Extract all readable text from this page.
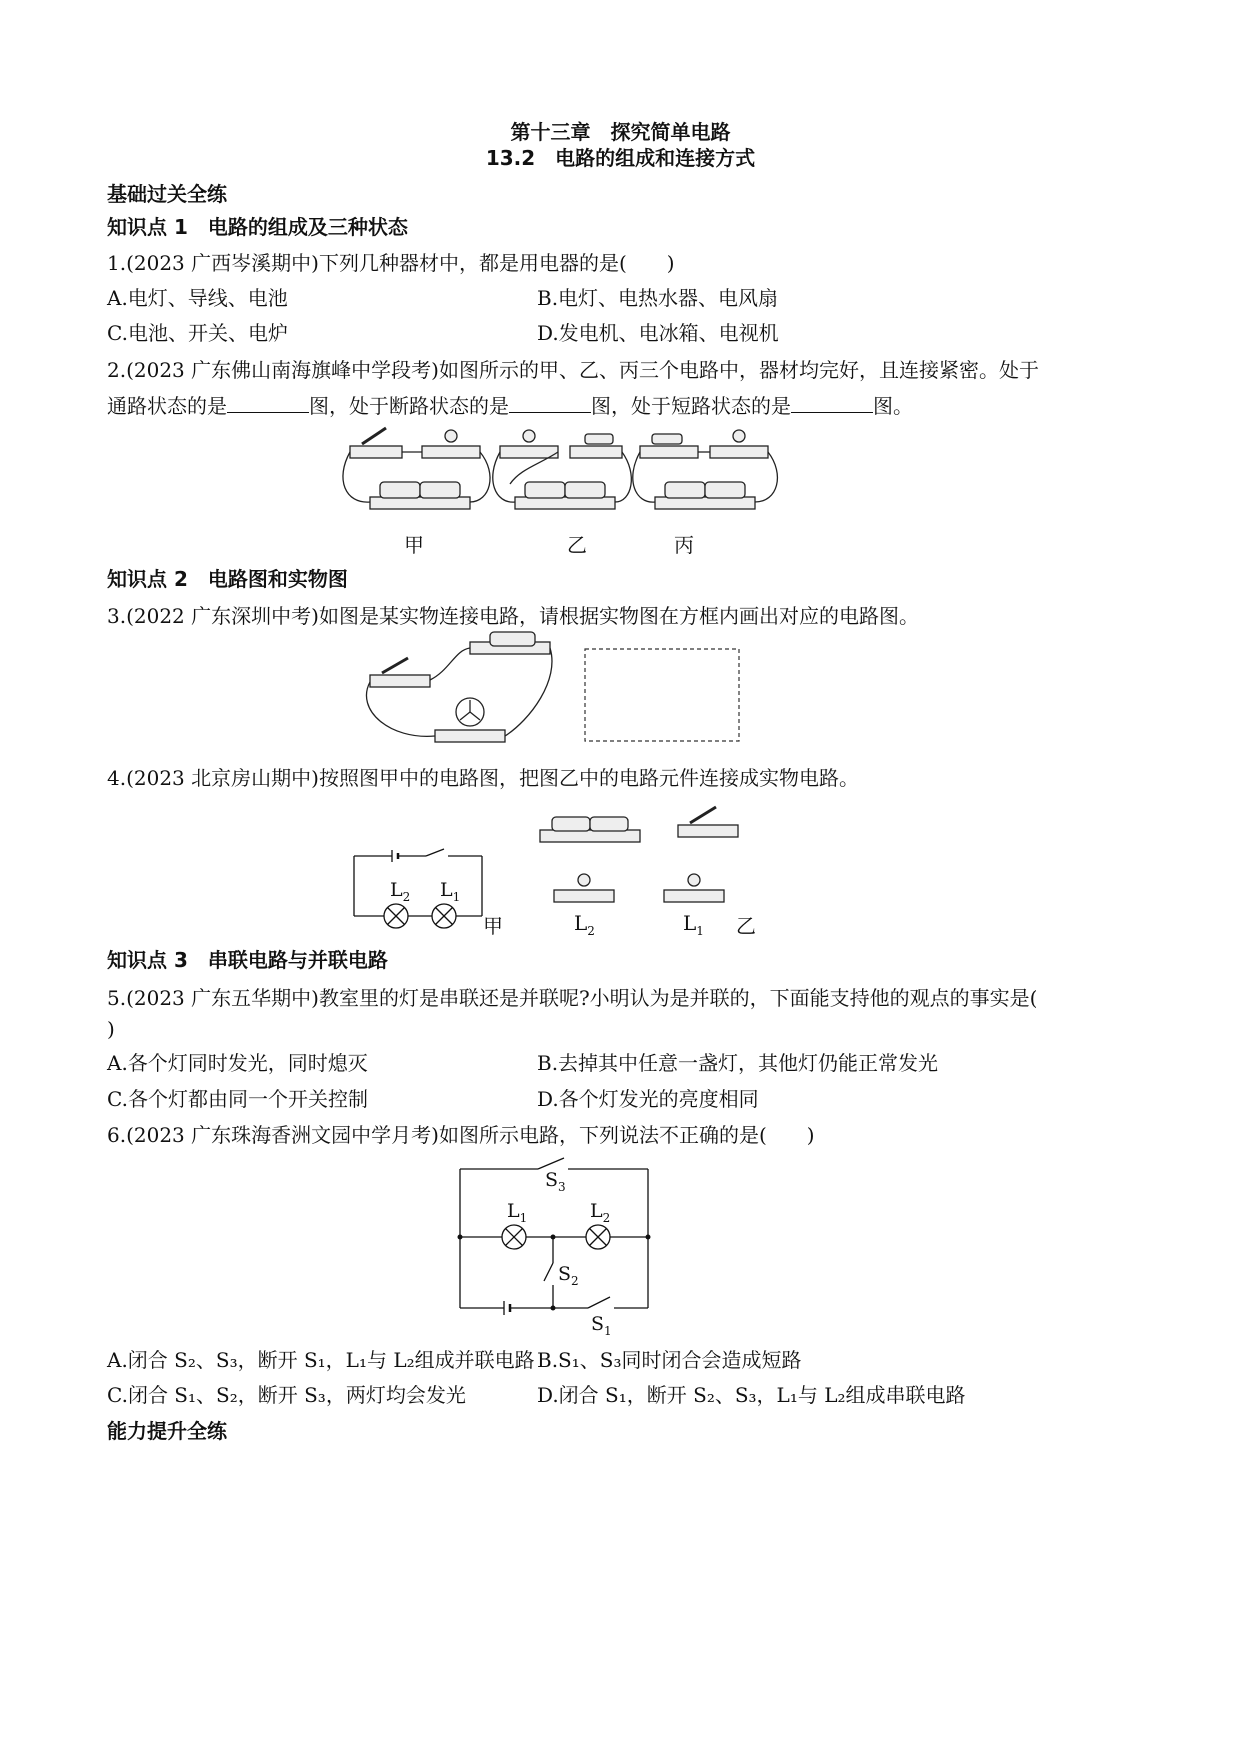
第十三章　探究简单电路
13.2　电路的组成和连接方式
基础过关全练
知识点 1　电路的组成及三种状态
1.(2023 广西岑溪期中)下列几种器材中，都是用电器的是( )
A.电灯、导线、电池	B.电灯、电热水器、电风扇
C.电池、开关、电炉	D.发电机、电冰箱、电视机
2.(2023 广东佛山南海旗峰中学段考)如图所示的甲、乙、丙三个电路中，器材均完好，且连接紧密。处于
通路状态的是	图，处于断路状态的是	图，处于短路状态的是	图。
甲	乙	丙
知识点 2　电路图和实物图
3.(2022 广东深圳中考)如图是某实物连接电路，请根据实物图在方框内画出对应的电路图。
4.(2023 北京房山期中)按照图甲中的电路图，把图乙中的电路元件连接成实物电路。
$L_2$ $L_1$
甲	$L_2$	$L_1$ 乙
知识点 3　串联电路与并联电路
5.(2023 广东五华期中)教室里的灯是串联还是并联呢?小明认为是并联的，下面能支持他的观点的事实是(
)
A.各个灯同时发光，同时熄灭	B.去掉其中任意一盏灯，其他灯仍能正常发光
C.各个灯都由同一个开关控制	D.各个灯发光的亮度相同
6.(2023 广东珠海香洲文园中学月考)如图所示电路，下列说法不正确的是( )
$S_3$
$L_1$	$L_2$
$S_2$
$S_1$
A.闭合 S₂、S₃，断开 S₁，L₁与 L₂组成并联电路 B.S₁、S₃同时闭合会造成短路
C.闭合 S₁、S₂，断开 S₃，两灯均会发光	D.闭合 S₁，断开 S₂、S₃，L₁与 L₂组成串联电路
能力提升全练
